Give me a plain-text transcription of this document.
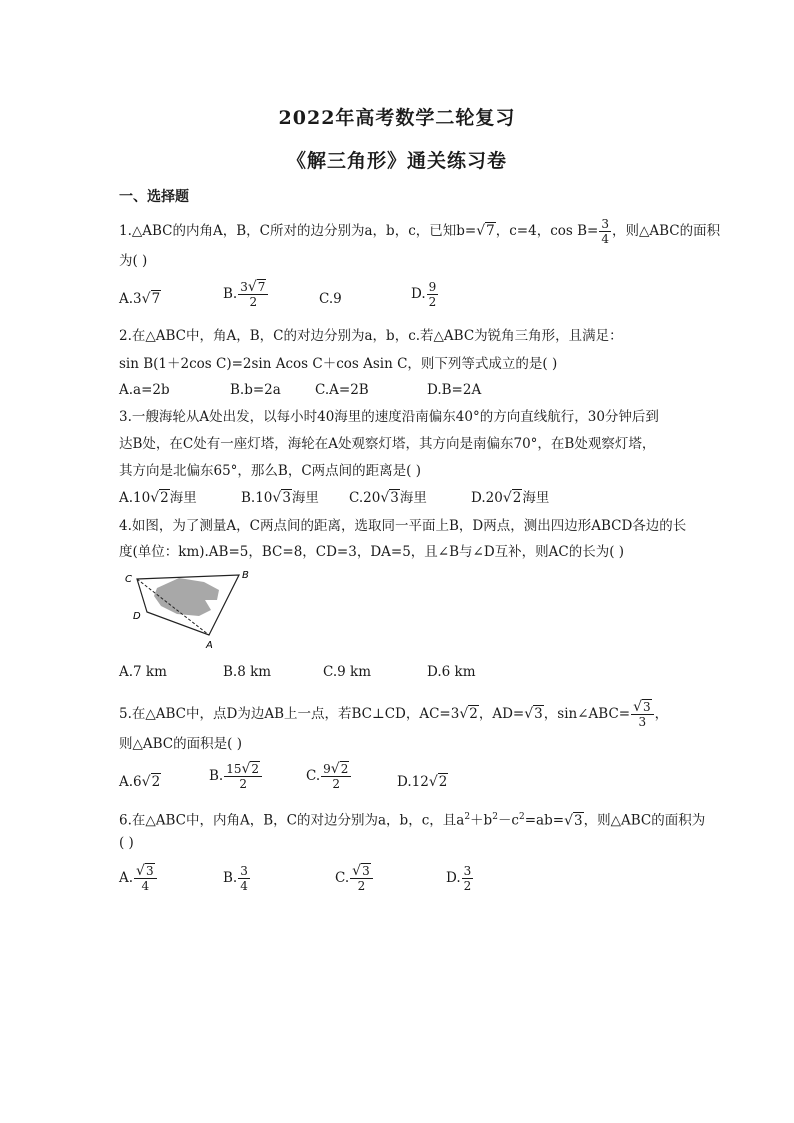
2022年高考数学二轮复习
《解三角形》通关练习卷
一、选择题
1.△ABC的内角A，B，C所对的边分别为a，b，c，已知b=√7，c=4，$\cos B= \frac{3}{4}$ ，则△ABC的面积
为( )
A.3√7	B. $\frac{3√7}{2}$	C.9	D. $\frac{9}{2}$
2.在△ABC中，角A，B，C的对边分别为a，b，c.若△ABC为锐角三角形，且满足：
sin B(1＋2cos C)=2sin Acos C＋cos Asin C，则下列等式成立的是( )
A.a=2b	B.b=2a	C.A=2B	D.B=2A
3.一艘海轮从A处出发，以每小时40海里的速度沿南偏东40°的方向直线航行，30分钟后到
达B处，在C处有一座灯塔，海轮在A处观察灯塔，其方向是南偏东70°，在B处观察灯塔，
其方向是北偏东65°，那么B，C两点间的距离是( )
A.10√2海里	B.10√3海里 C.20√3海里	D.20√2海里
4.如图，为了测量A，C两点间的距离，选取同一平面上B，D两点，测出四边形ABCD各边的长
度(单位：km).AB=5，BC=8，CD=3，DA=5，且∠B与∠D互补，则AC的长为( )
C	B
D
A
A.7 km	B.8 km	C.9 km	D.6 km
5.在△ABC中，点D为边AB上一点，若BC⊥CD，AC=3√2，AD=√3，sin∠ABC= $\frac{√3}{3}$ ，
则△ABC的面积是( )
A.6√2	B. $\frac{15√2}{2}$	C. $\frac{9√2}{2}$	D.12√2
6.在△ABC中，内角A，B，C的对边分别为a，b，c，且$a^2+b^2-c^2=ab=√3$，则△ABC的面积为
( )
A. $\frac{√3}{4}$	B. $\frac{3}{4}$	C. $\frac{√3}{2}$	D. $\frac{3}{2}$
